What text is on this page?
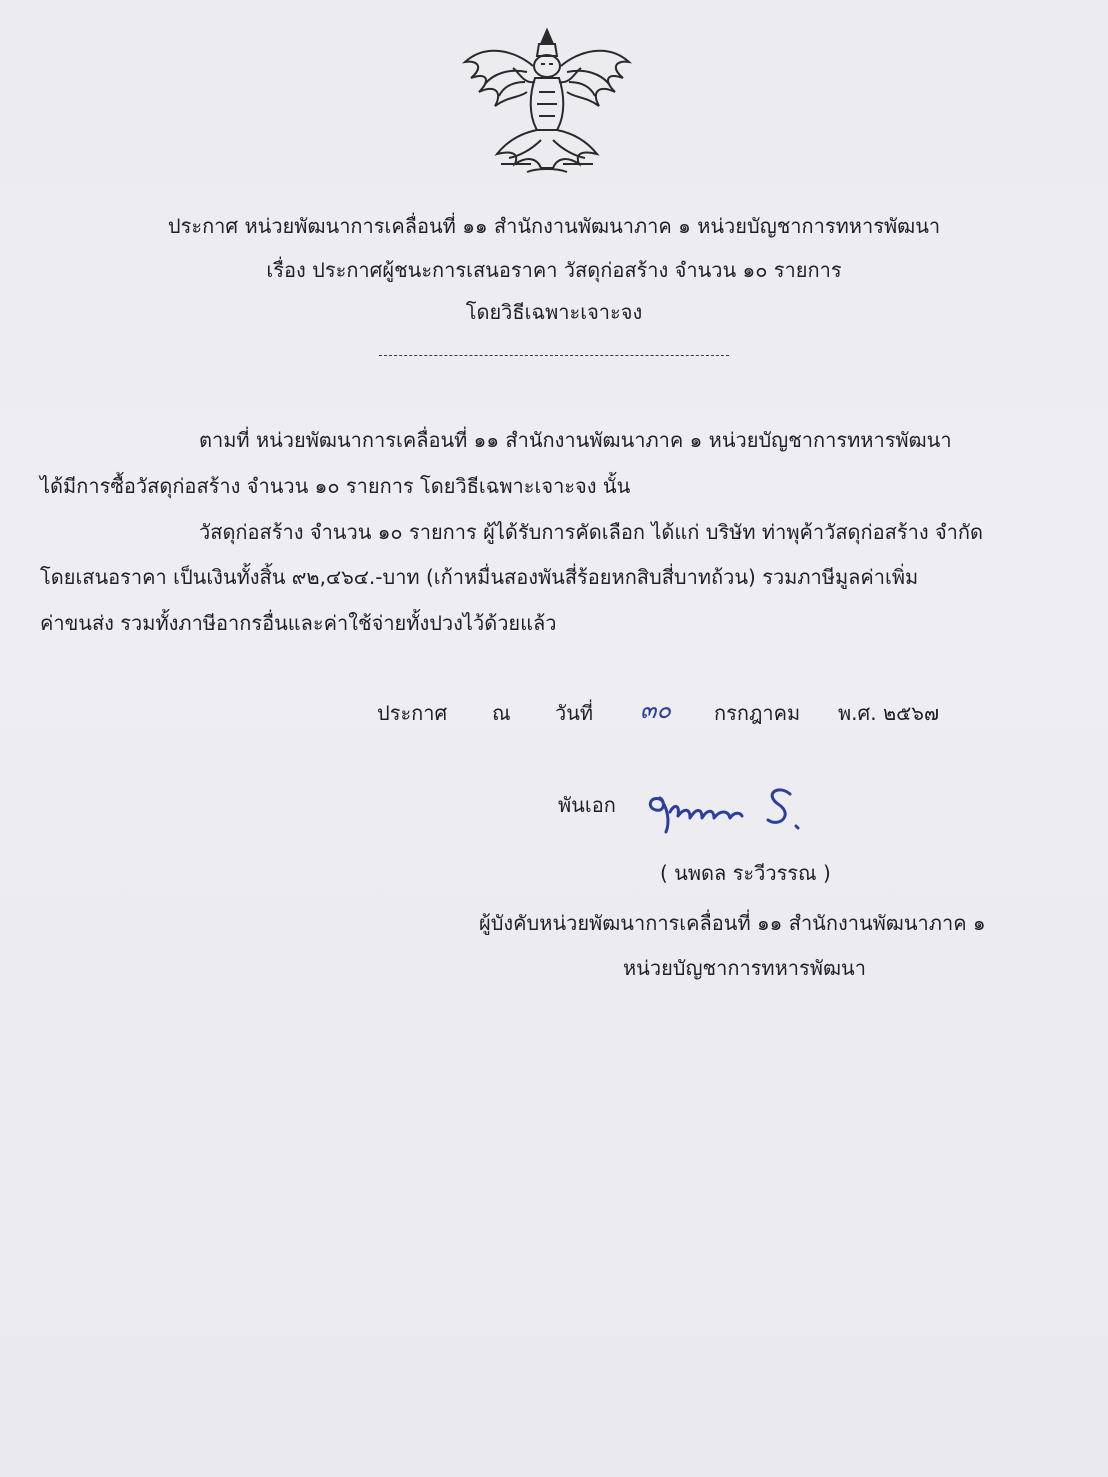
ประกาศ หน่วยพัฒนาการเคลื่อนที่ ๑๑ สำนักงานพัฒนาภาค ๑ หน่วยบัญชาการทหารพัฒนา
เรื่อง ประกาศผู้ชนะการเสนอราคา วัสดุก่อสร้าง จำนวน ๑๐ รายการ
โดยวิธีเฉพาะเจาะจง
ตามที่ หน่วยพัฒนาการเคลื่อนที่ ๑๑ สำนักงานพัฒนาภาค ๑ หน่วยบัญชาการทหารพัฒนา
ได้มีการซื้อวัสดุก่อสร้าง จำนวน ๑๐ รายการ โดยวิธีเฉพาะเจาะจง นั้น
วัสดุก่อสร้าง จำนวน ๑๐ รายการ ผู้ได้รับการคัดเลือก ได้แก่ บริษัท ท่าพุค้าวัสดุก่อสร้าง จำกัด
โดยเสนอราคา เป็นเงินทั้งสิ้น ๙๒,๔๖๔.-บาท (เก้าหมื่นสองพันสี่ร้อยหกสิบสี่บาทถ้วน) รวมภาษีมูลค่าเพิ่ม
ค่าขนส่ง รวมทั้งภาษีอากรอื่นและค่าใช้จ่ายทั้งปวงไว้ด้วยแล้ว
ประกาศ ณ วันที่ ๓๐ กรกฎาคม พ.ศ. ๒๕๖๗
พันเอก
( นพดล ระวีวรรณ )
ผู้บังคับหน่วยพัฒนาการเคลื่อนที่ ๑๑ สำนักงานพัฒนาภาค ๑
หน่วยบัญชาการทหารพัฒนา
